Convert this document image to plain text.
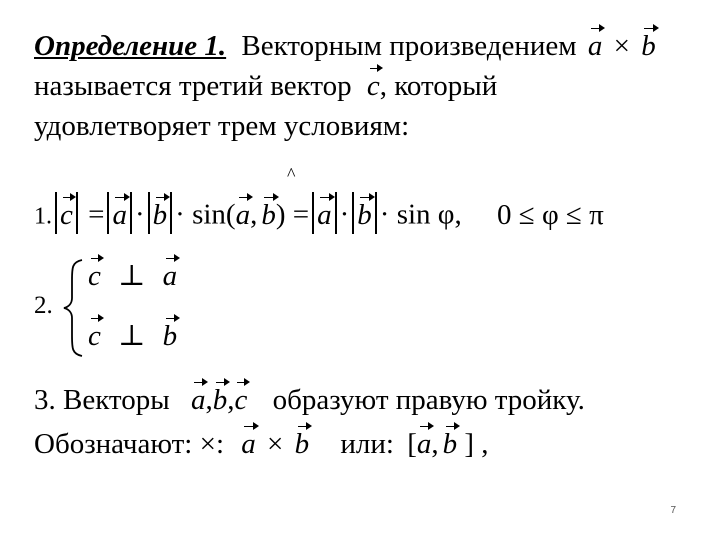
Определение 1. Векторным произведением a × b
называется третий вектор c, который
удовлетворяет трем условиям:
^
1. c = a · b · sin(a, b) = a · b · sin φ, 0 ≤ φ ≤ π
2.
c ⊥ a
c ⊥ b
3. Векторы a,b,c образуют правую тройку.
Обозначают: ×: a × b или: [a, b ] ,
7
